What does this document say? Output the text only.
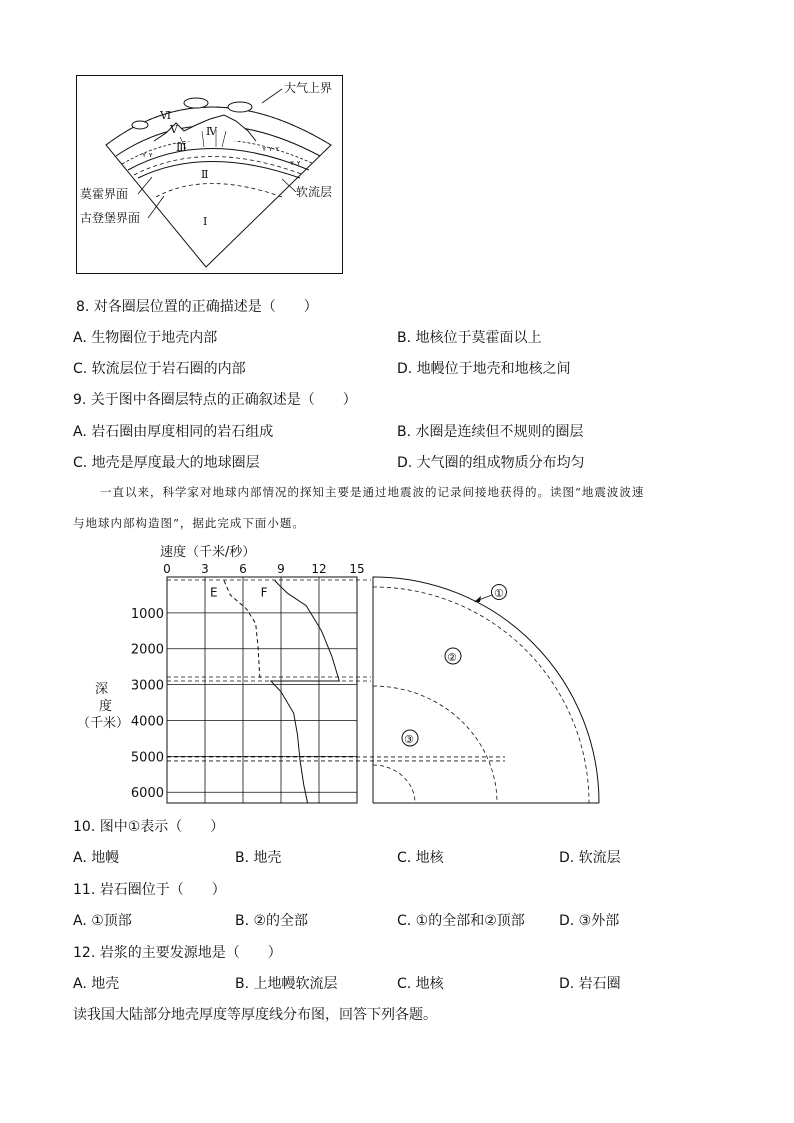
ʏ ʏ
ʏ ʏ ʏ
ʏ ʏ
大气上界
莫霍界面
古登堡界面
软流层
Ⅵ
Ⅴ	Ⅳ
Ⅲ
Ⅱ
Ⅰ
8. 对各圈层位置的正确描述是（　　）
A. 生物圈位于地壳内部	B. 地核位于莫霍面以上
C. 软流层位于岩石圈的内部	D. 地幔位于地壳和地核之间
9. 关于图中各圈层特点的正确叙述是（　　）
A. 岩石圈由厚度相同的岩石组成	B. 水圈是连续但不规则的圈层
C. 地壳是厚度最大的地球圈层	D. 大气圈的组成物质分布均匀
一直以来，科学家对地球内部情况的探知主要是通过地震波的记录间接地获得的。读图“地震波波速
与地球内部构造图”，据此完成下面小题。
速度（千米/秒）
0	3	6	9 12 15
1000
2000
3000
4000
5000
6000
深 度 （千米）
E	F	①
②
③
10. 图中①表示（　　）
A. 地幔	B. 地壳	C. 地核	D. 软流层
11. 岩石圈位于（　　）
A. ①顶部	B. ②的全部	C. ①的全部和②顶部 D. ③外部
12. 岩浆的主要发源地是（　　）
A. 地壳	B. 上地幔软流层	C. 地核	D. 岩石圈
读我国大陆部分地壳厚度等厚度线分布图，回答下列各题。
